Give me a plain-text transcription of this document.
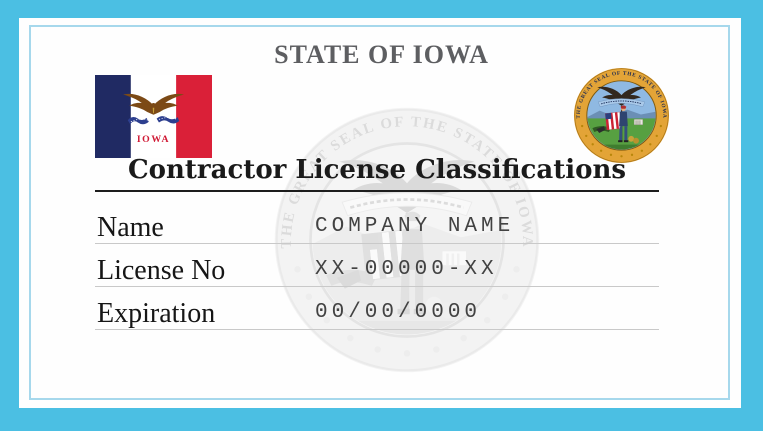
STATE OF IOWA
IOWA
Contractor License Classifications
Name	COMPANY NAME
License No	XX-00000-XX
Expiration	00/00/0000
